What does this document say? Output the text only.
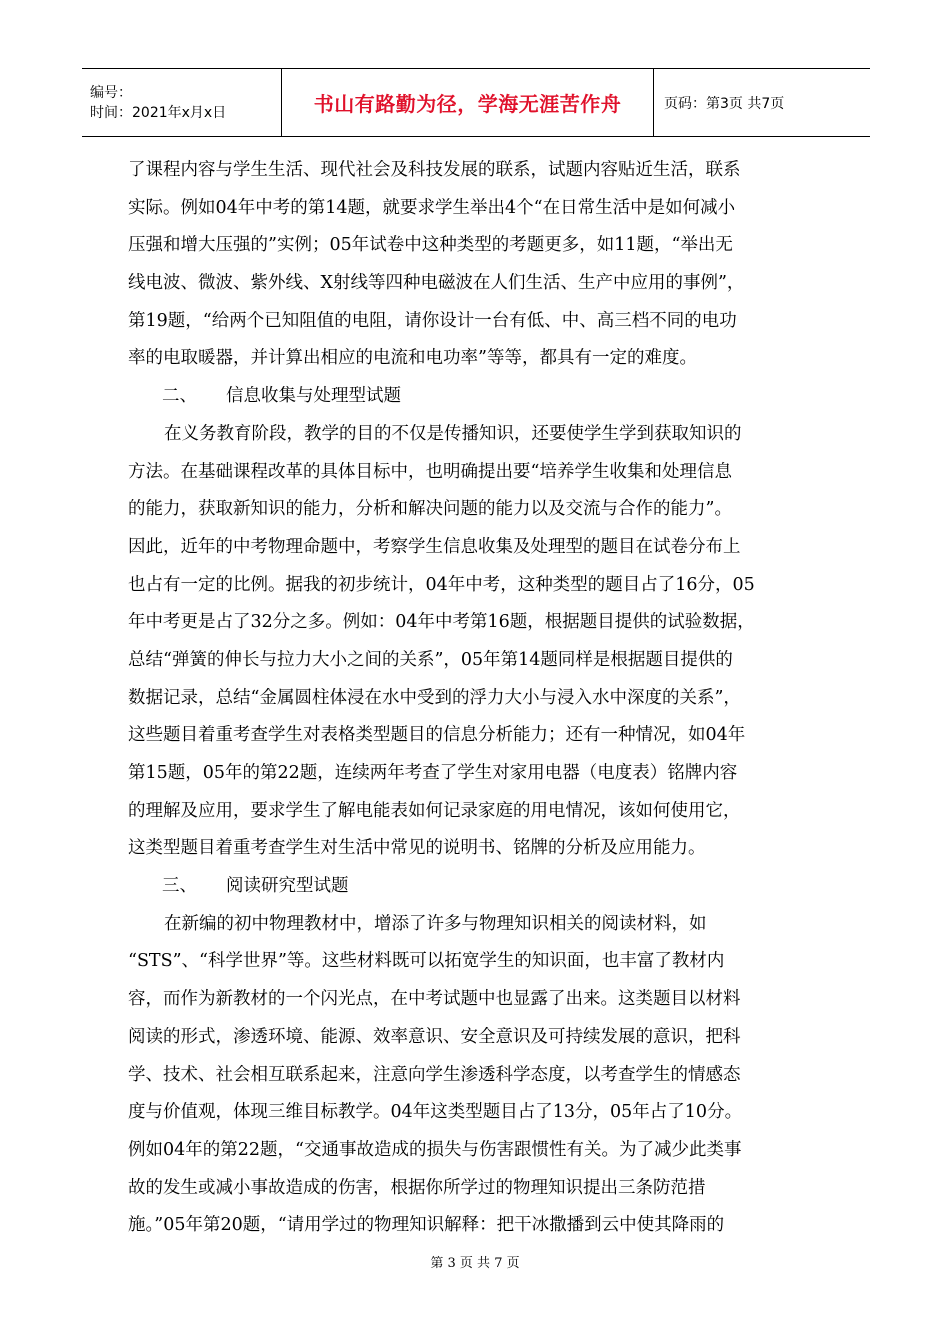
编号：
时间：2021年x月x日	书山有路勤为径，学海无涯苦作舟	页码：第3页 共7页
了课程内容与学生生活、现代社会及科技发展的联系，试题内容贴近生活，联系
实际。例如04年中考的第14题，就要求学生举出4个“在日常生活中是如何减小
压强和增大压强的”实例；05年试卷中这种类型的考题更多，如11题，“举出无
线电波、微波、紫外线、X射线等四种电磁波在人们生活、生产中应用的事例”，
第19题，“给两个已知阻值的电阻，请你设计一台有低、中、高三档不同的电功
率的电取暖器，并计算出相应的电流和电功率”等等，都具有一定的难度。
二、 信息收集与处理型试题
在义务教育阶段，教学的目的不仅是传播知识，还要使学生学到获取知识的
方法。在基础课程改革的具体目标中，也明确提出要“培养学生收集和处理信息
的能力，获取新知识的能力，分析和解决问题的能力以及交流与合作的能力”。
因此，近年的中考物理命题中，考察学生信息收集及处理型的题目在试卷分布上
也占有一定的比例。据我的初步统计，04年中考，这种类型的题目占了16分，05
年中考更是占了32分之多。例如：04年中考第16题，根据题目提供的试验数据，
总结“弹簧的伸长与拉力大小之间的关系”，05年第14题同样是根据题目提供的
数据记录，总结“金属圆柱体浸在水中受到的浮力大小与浸入水中深度的关系”，
这些题目着重考查学生对表格类型题目的信息分析能力；还有一种情况，如04年
第15题，05年的第22题，连续两年考查了学生对家用电器（电度表）铭牌内容
的理解及应用，要求学生了解电能表如何记录家庭的用电情况，该如何使用它，
这类型题目着重考查学生对生活中常见的说明书、铭牌的分析及应用能力。
三、 阅读研究型试题
在新编的初中物理教材中，增添了许多与物理知识相关的阅读材料，如
“STS”、“科学世界”等。这些材料既可以拓宽学生的知识面，也丰富了教材内
容，而作为新教材的一个闪光点，在中考试题中也显露了出来。这类题目以材料
阅读的形式，渗透环境、能源、效率意识、安全意识及可持续发展的意识，把科
学、技术、社会相互联系起来，注意向学生渗透科学态度，以考查学生的情感态
度与价值观，体现三维目标教学。04年这类型题目占了13分，05年占了10分。
例如04年的第22题，“交通事故造成的损失与伤害跟惯性有关。为了减少此类事
故的发生或减小事故造成的伤害，根据你所学过的物理知识提出三条防范措
施。”05年第20题，“请用学过的物理知识解释：把干冰撒播到云中使其降雨的
第 3 页 共 7 页
